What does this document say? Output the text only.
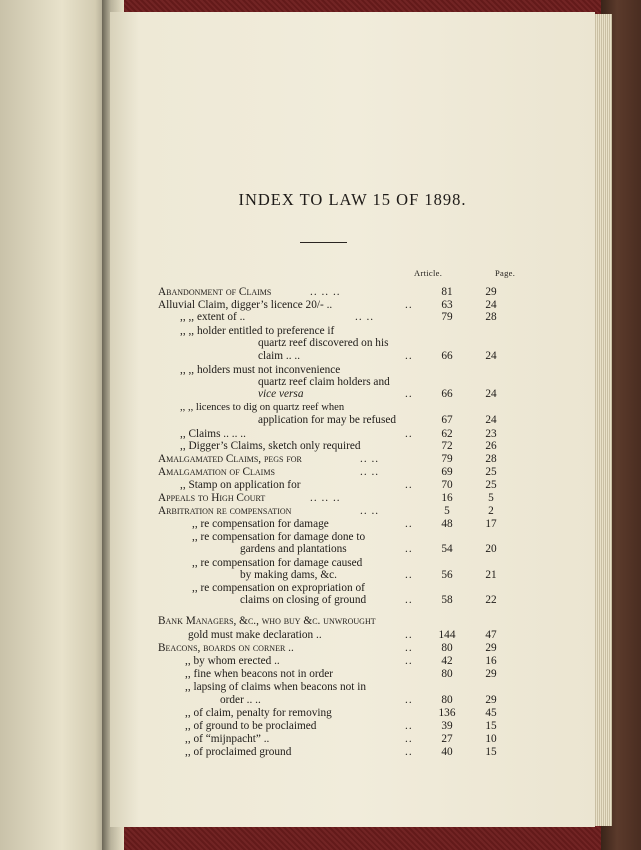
INDEX TO LAW 15 OF 1898.
Article.	Page.
Abandonment of Claims	.. .. ..	81	29
Alluvial Claim, digger’s licence 20/- ..	..	63	24
,, ,, extent of ..	.. ..	79	28
,, ,, holder entitled to preference if
quartz reef discovered on his
claim .. ..	..	66	24
,, ,, holders must not inconvenience
quartz reef claim holders and
vice versa	..	66	24
,, ,, licences to dig on quartz reef when
application for may be refused	67	24
,, Claims .. .. ..	..	62	23
,, Digger’s Claims, sketch only required	72	26
Amalgamated Claims, pegs for	.. ..	79	28
Amalgamation of Claims	.. ..	69	25
,, Stamp on application for	..	70	25
Appeals to High Court	.. .. ..	16	5
Arbitration re compensation	.. ..	5	2
,, re compensation for damage	..	48	17
,, re compensation for damage done to
gardens and plantations	..	54	20
,, re compensation for damage caused
by making dams, &c.	..	56	21
,, re compensation on expropriation of
claims on closing of ground	..	58	22
Bank Managers, &c., who buy &c. unwrought
gold must make declaration ..	..	144	47
Beacons, boards on corner ..	..	80	29
,, by whom erected ..	..	42	16
,, fine when beacons not in order	80	29
,, lapsing of claims when beacons not in
order .. ..	..	80	29
,, of claim, penalty for removing	136	45
,, of ground to be proclaimed	..	39	15
,, of “mijnpacht” ..	..	27	10
,, of proclaimed ground	..	40	15
